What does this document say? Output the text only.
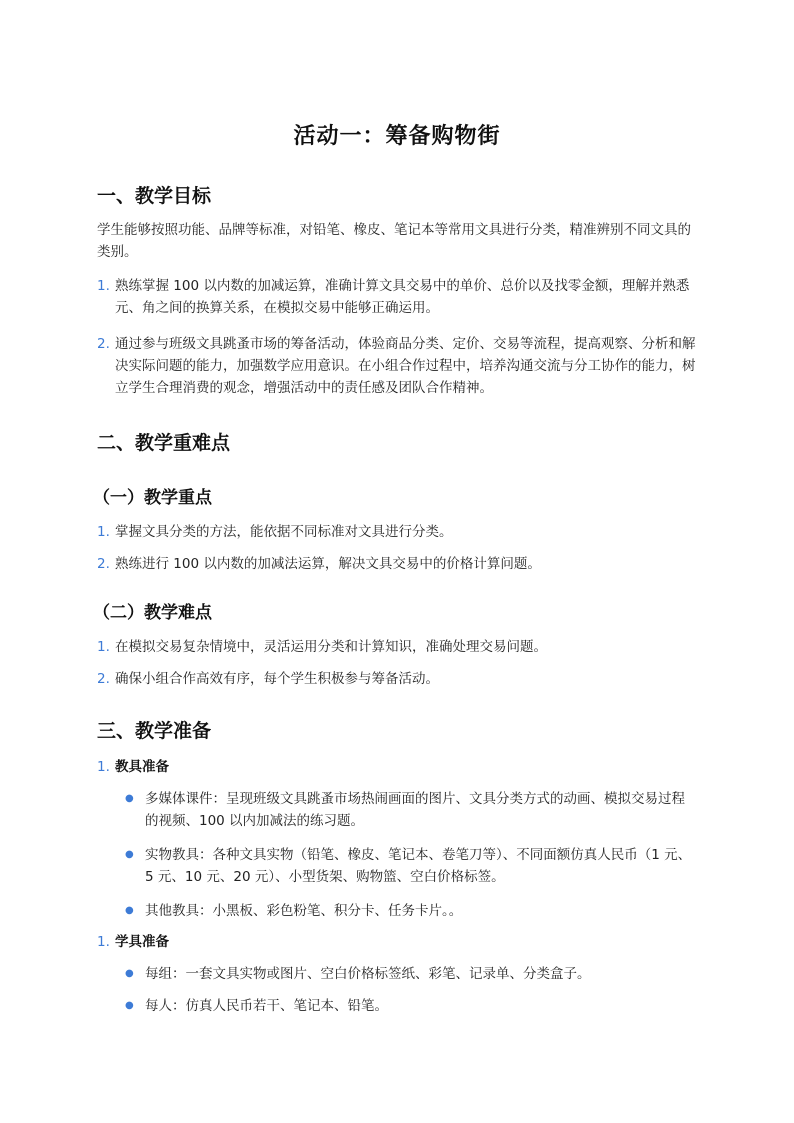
活动一：筹备购物街
一、教学目标

学生能够按照功能、品牌等标准，对铅笔、橡皮、笔记本等常用文具进行分类，精准辨别不同文具的类别。

1. 熟练掌握 100 以内数的加减运算，准确计算文具交易中的单价、总价以及找零金额，理解并熟悉元、角之间的换算关系，在模拟交易中能够正确运用。
2. 通过参与班级文具跳蚤市场的筹备活动，体验商品分类、定价、交易等流程，提高观察、分析和解决实际问题的能力，加强数学应用意识。在小组合作过程中，培养沟通交流与分工协作的能力，树立学生合理消费的观念，增强活动中的责任感及团队合作精神。
二、教学重难点
（一）教学重点
1. 掌握文具分类的方法，能依据不同标准对文具进行分类。
2. 熟练进行 100 以内数的加减法运算，解决文具交易中的价格计算问题。
（二）教学难点
1. 在模拟交易复杂情境中，灵活运用分类和计算知识，准确处理交易问题。
2. 确保小组合作高效有序，每个学生积极参与筹备活动。
三、教学准备
1. 教具准备
● 多媒体课件：呈现班级文具跳蚤市场热闹画面的图片、文具分类方式的动画、模拟交易过程的视频、100 以内加减法的练习题。
● 实物教具：各种文具实物（铅笔、橡皮、笔记本、卷笔刀等）、不同面额仿真人民币（1 元、5 元、10 元、20 元）、小型货架、购物篮、空白价格标签。
● 其他教具：小黑板、彩色粉笔、积分卡、任务卡片。。
1. 学具准备
● 每组：一套文具实物或图片、空白价格标签纸、彩笔、记录单、分类盒子。
● 每人：仿真人民币若干、笔记本、铅笔。
